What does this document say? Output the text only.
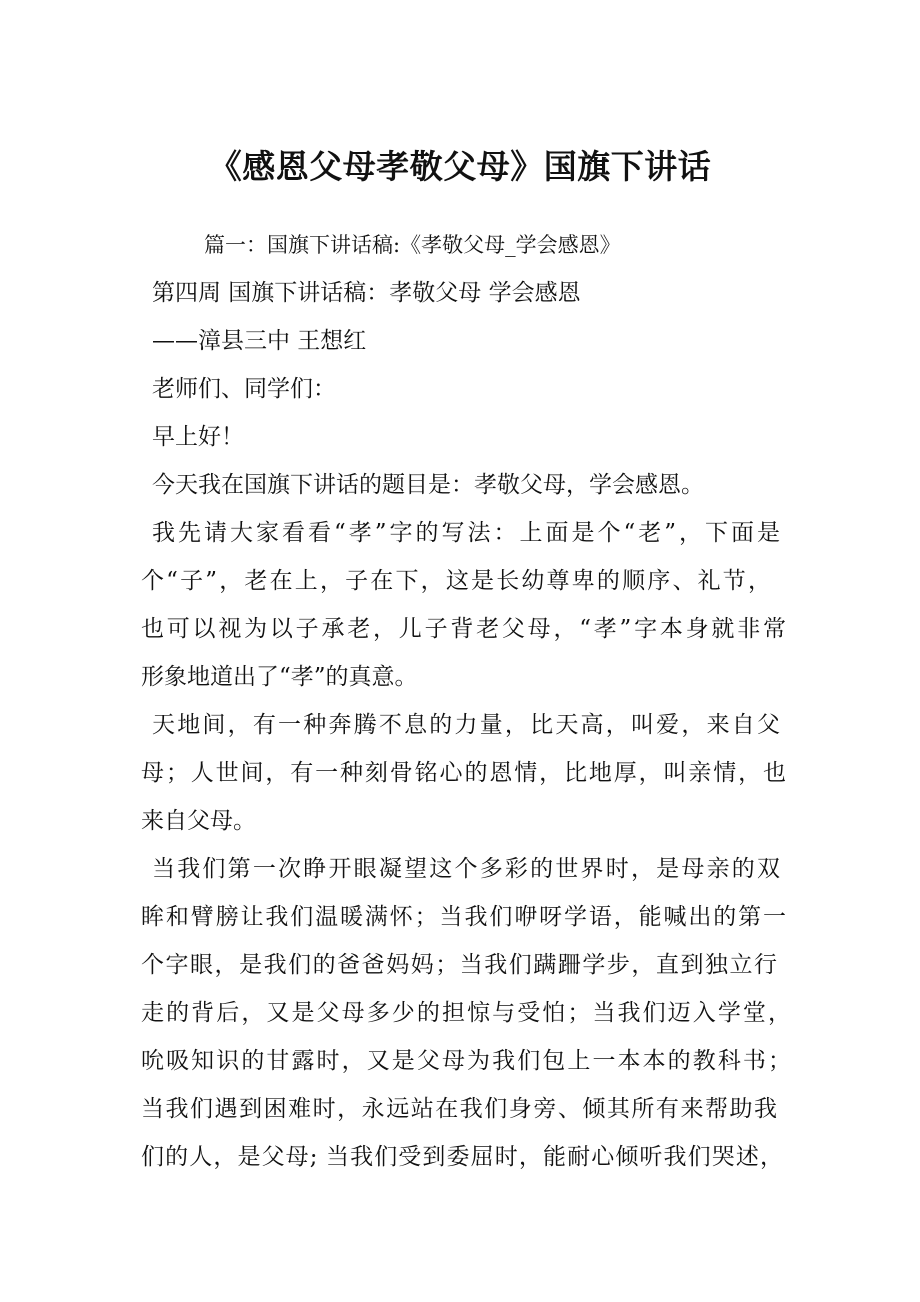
《感恩父母孝敬父母》国旗下讲话

篇一：国旗下讲话稿:《孝敬父母_学会感恩》

第四周 国旗下讲话稿：孝敬父母 学会感恩

——漳县三中 王想红

老师们、同学们：

早上好！

今天我在国旗下讲话的题目是：孝敬父母，学会感恩。

我先请大家看看“孝”字的写法：上面是个“老”，下面是

个“子”，老在上，子在下，这是长幼尊卑的顺序、礼节，

也可以视为以子承老，儿子背老父母，“孝”字本身就非常

形象地道出了“孝”的真意。

天地间，有一种奔腾不息的力量，比天高，叫爱，来自父

母；人世间，有一种刻骨铭心的恩情，比地厚，叫亲情，也

来自父母。

当我们第一次睁开眼凝望这个多彩的世界时，是母亲的双

眸和臂膀让我们温暖满怀；当我们咿呀学语，能喊出的第一

个字眼，是我们的爸爸妈妈；当我们蹒跚学步，直到独立行

走的背后，又是父母多少的担惊与受怕；当我们迈入学堂，

吮吸知识的甘露时，又是父母为我们包上一本本的教科书；

当我们遇到困难时，永远站在我们身旁、倾其所有来帮助我

们的人，是父母; 当我们受到委屈时，能耐心倾听我们哭述，
